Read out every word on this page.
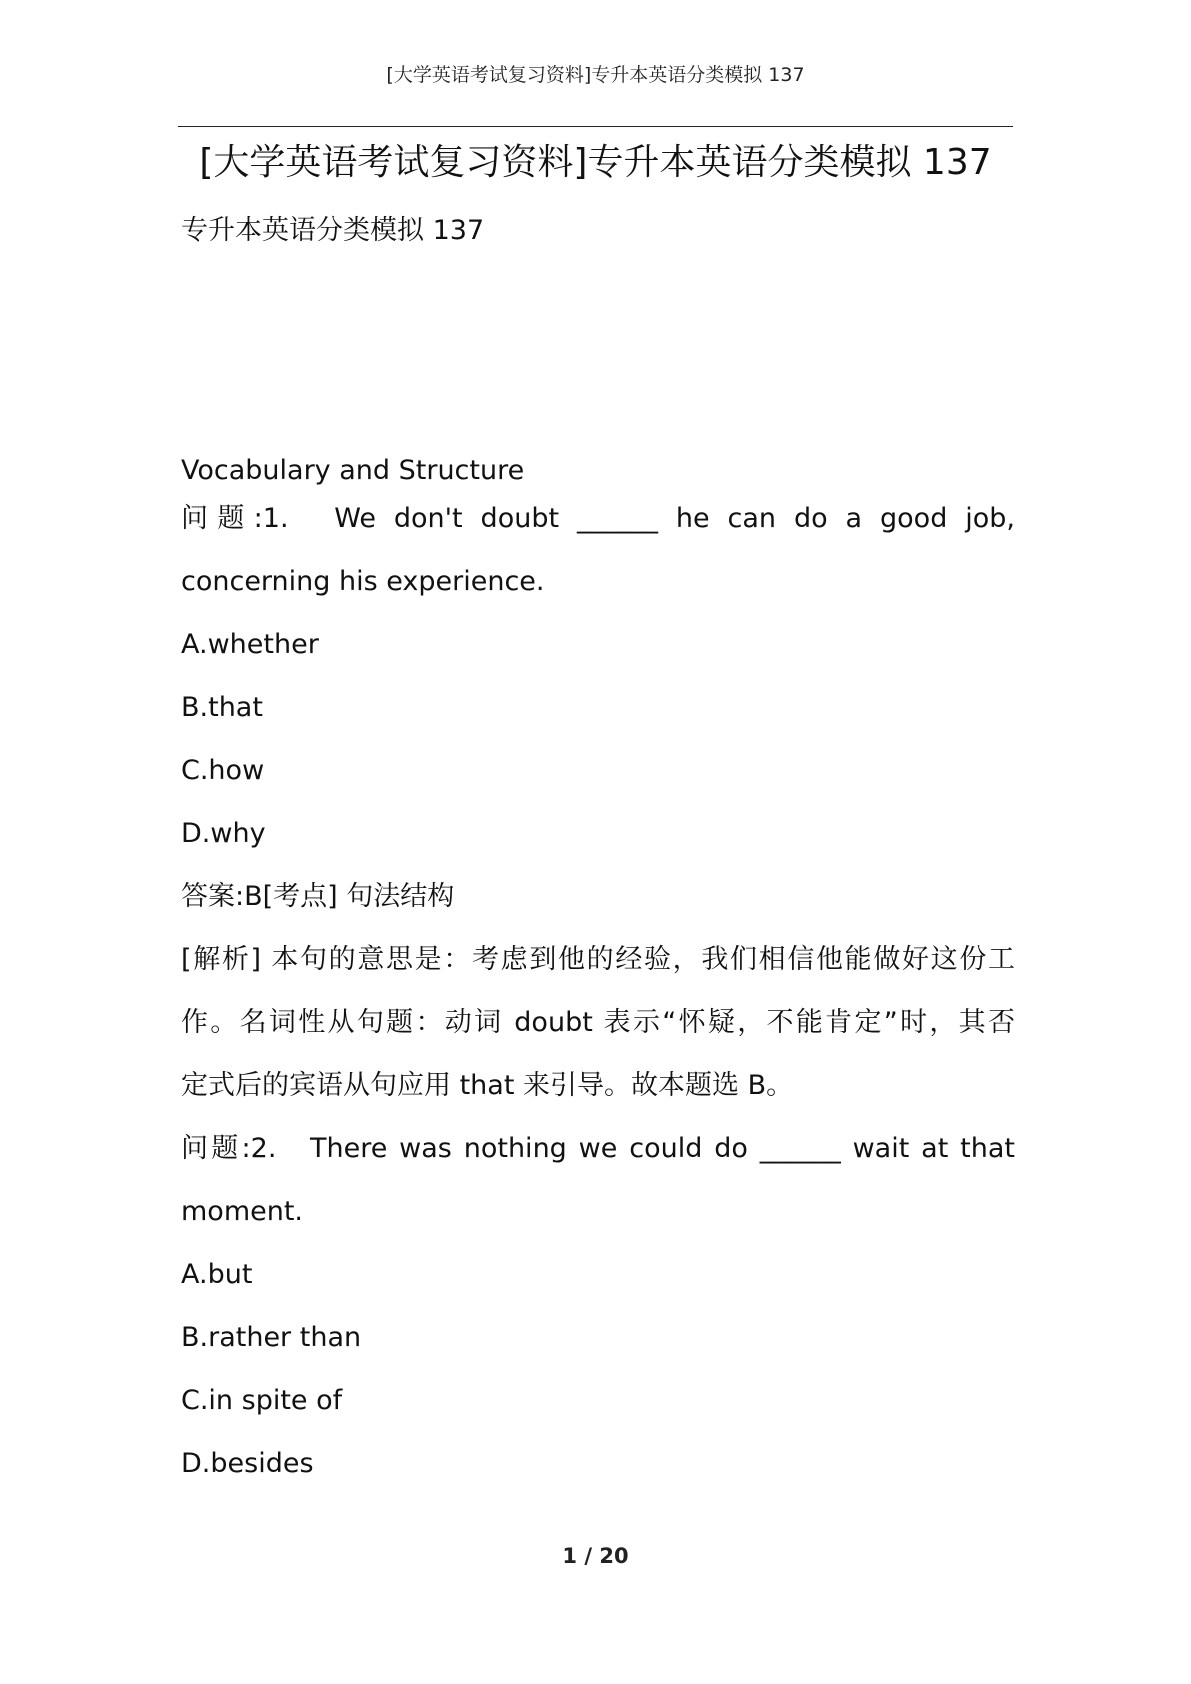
[大学英语考试复习资料]专升本英语分类模拟 137
[大学英语考试复习资料]专升本英语分类模拟 137
专升本英语分类模拟 137
Vocabulary and Structure
问题:1.　We don't doubt ______ he can do a good job,
concerning his experience.
A.whether
B.that
C.how
D.why
答案:B[考点] 句法结构
[解析] 本句的意思是：考虑到他的经验，我们相信他能做好这份工
作。名词性从句题：动词 doubt 表示“怀疑，不能肯定”时，其否
定式后的宾语从句应用 that 来引导。故本题选 B。
问题:2.　There was nothing we could do ______ wait at that
moment.
A.but
B.rather than
C.in spite of
D.besides
1 / 20
